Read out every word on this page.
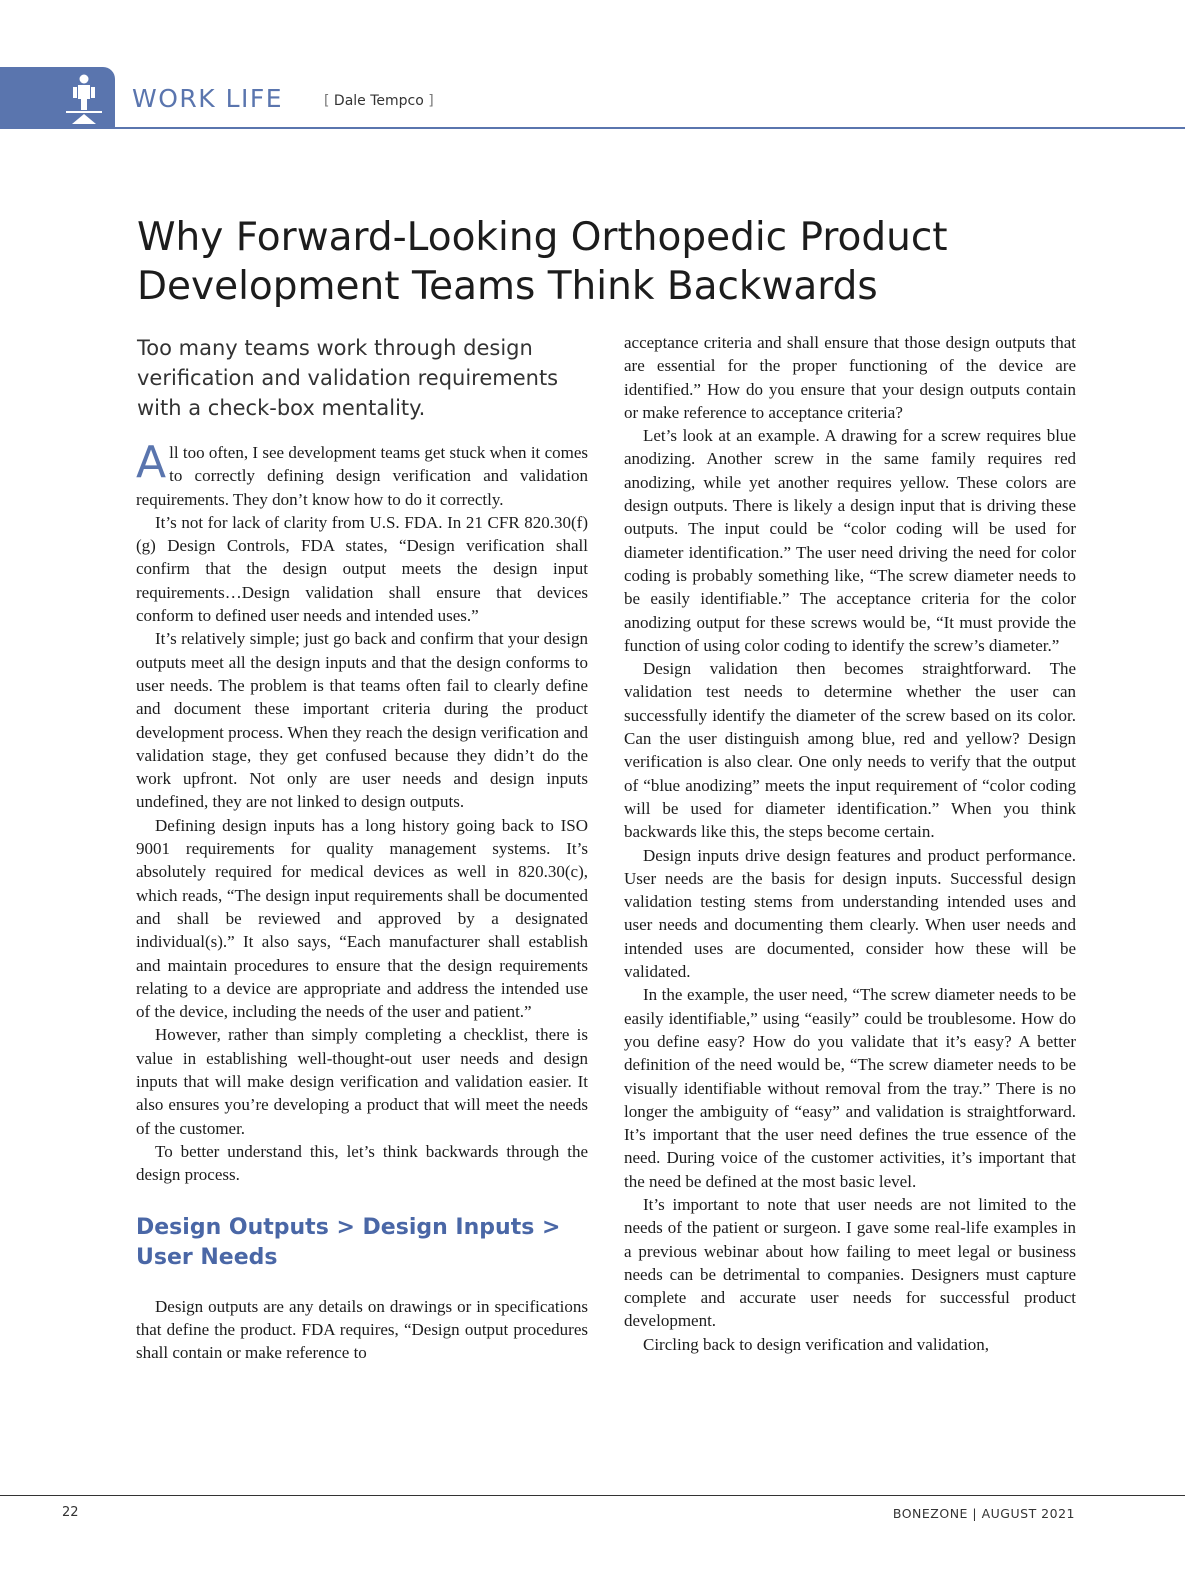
WORK LIFE	[ Dale Tempco ]
Why Forward-Looking Orthopedic Product
Development Teams Think Backwards

Too many teams work through design verification and validation requirements with a check-box mentality.

All too often, I see development teams get stuck when it comes to correctly defining design verification and validation requirements. They don’t know how to do it correctly.

It’s not for lack of clarity from U.S. FDA. In 21 CFR 820.30(f)(g) Design Controls, FDA states, “Design verification shall confirm that the design output meets the design input requirements…Design validation shall ensure that devices conform to defined user needs and intended uses.”

It’s relatively simple; just go back and confirm that your design outputs meet all the design inputs and that the design conforms to user needs. The problem is that teams often fail to clearly define and document these important criteria during the product development process. When they reach the design verification and validation stage, they get confused because they didn’t do the work upfront. Not only are user needs and design inputs undefined, they are not linked to design outputs.

Defining design inputs has a long history going back to ISO 9001 requirements for quality management systems. It’s absolutely required for medical devices as well in 820.30(c), which reads, “The design input requirements shall be documented and shall be reviewed and approved by a designated individual(s).” It also says, “Each manufacturer shall establish and maintain procedures to ensure that the design requirements relating to a device are appropriate and address the intended use of the device, including the needs of the user and patient.”

However, rather than simply completing a checklist, there is value in establishing well-thought-out user needs and design inputs that will make design verification and validation easier. It also ensures you’re developing a product that will meet the needs of the customer.

To better understand this, let’s think backwards through the design process.

Design Outputs > Design Inputs > User Needs

Design outputs are any details on drawings or in specifications that define the product. FDA requires, “Design output procedures shall contain or make reference to

acceptance criteria and shall ensure that those design outputs that are essential for the proper functioning of the device are identified.” How do you ensure that your design outputs contain or make reference to acceptance criteria?

Let’s look at an example. A drawing for a screw requires blue anodizing. Another screw in the same family requires red anodizing, while yet another requires yellow. These colors are design outputs. There is likely a design input that is driving these outputs. The input could be “color coding will be used for diameter identification.” The user need driving the need for color coding is probably something like, “The screw diameter needs to be easily identifiable.” The acceptance criteria for the color anodizing output for these screws would be, “It must provide the function of using color coding to identify the screw’s diameter.”

Design validation then becomes straightforward. The validation test needs to determine whether the user can successfully identify the diameter of the screw based on its color. Can the user distinguish among blue, red and yellow? Design verification is also clear. One only needs to verify that the output of “blue anodizing” meets the input requirement of “color coding will be used for diameter identification.” When you think backwards like this, the steps become certain.

Design inputs drive design features and product performance. User needs are the basis for design inputs. Successful design validation testing stems from understanding intended uses and user needs and documenting them clearly. When user needs and intended uses are documented, consider how these will be validated.

In the example, the user need, “The screw diameter needs to be easily identifiable,” using “easily” could be troublesome. How do you define easy? How do you validate that it’s easy? A better definition of the need would be, “The screw diameter needs to be visually identifiable without removal from the tray.” There is no longer the ambiguity of “easy” and validation is straightforward. It’s important that the user need defines the true essence of the need. During voice of the customer activities, it’s important that the need be defined at the most basic level.

It’s important to note that user needs are not limited to the needs of the patient or surgeon. I gave some real-life examples in a previous webinar about how failing to meet legal or business needs can be detrimental to companies. Designers must capture complete and accurate user needs for successful product development.

Circling back to design verification and validation,

22	BONEZONE | AUGUST 2021
